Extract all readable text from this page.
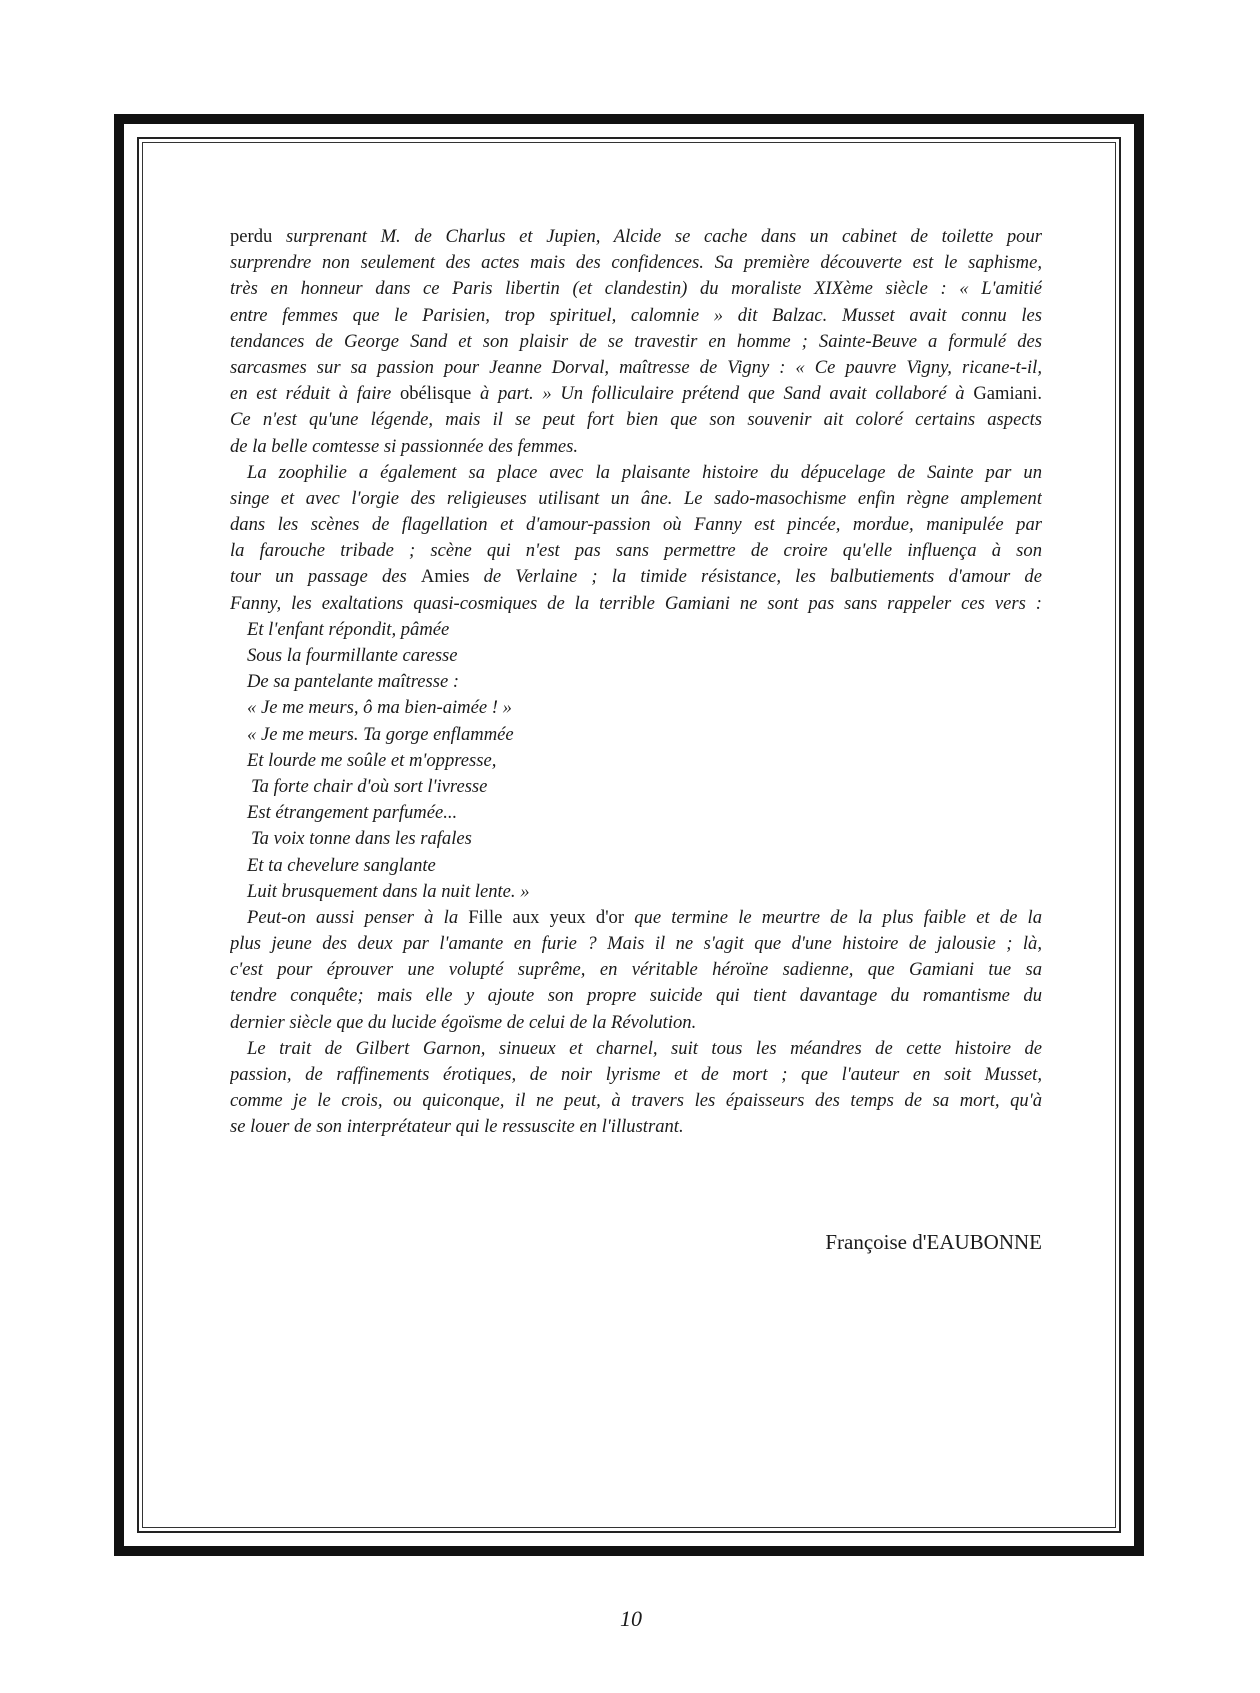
perdu surprenant M. de Charlus et Jupien, Alcide se cache dans un cabinet de toilette pour
surprendre non seulement des actes mais des confidences. Sa première découverte est le saphisme,
très en honneur dans ce Paris libertin (et clandestin) du moraliste XIXème siècle : « L'amitié
entre femmes que le Parisien, trop spirituel, calomnie » dit Balzac. Musset avait connu les
tendances de George Sand et son plaisir de se travestir en homme ; Sainte-Beuve a formulé des
sarcasmes sur sa passion pour Jeanne Dorval, maîtresse de Vigny : « Ce pauvre Vigny, ricane-t-il,
en est réduit à faire obélisque à part. » Un folliculaire prétend que Sand avait collaboré à Gamiani.
Ce n'est qu'une légende, mais il se peut fort bien que son souvenir ait coloré certains aspects
de la belle comtesse si passionnée des femmes.
La zoophilie a également sa place avec la plaisante histoire du dépucelage de Sainte par un
singe et avec l'orgie des religieuses utilisant un âne. Le sado-masochisme enfin règne amplement
dans les scènes de flagellation et d'amour-passion où Fanny est pincée, mordue, manipulée par
la farouche tribade ; scène qui n'est pas sans permettre de croire qu'elle influença à son
tour un passage des Amies de Verlaine ; la timide résistance, les balbutiements d'amour de
Fanny, les exaltations quasi-cosmiques de la terrible Gamiani ne sont pas sans rappeler ces vers :
Et l'enfant répondit, pâmée
Sous la fourmillante caresse
De sa pantelante maîtresse :
« Je me meurs, ô ma bien-aimée ! »
« Je me meurs. Ta gorge enflammée
Et lourde me soûle et m'oppresse,
Ta forte chair d'où sort l'ivresse
Est étrangement parfumée...
Ta voix tonne dans les rafales
Et ta chevelure sanglante
Luit brusquement dans la nuit lente. »
Peut-on aussi penser à la Fille aux yeux d'or que termine le meurtre de la plus faible et de la
plus jeune des deux par l'amante en furie ? Mais il ne s'agit que d'une histoire de jalousie ; là,
c'est pour éprouver une volupté suprême, en véritable héroïne sadienne, que Gamiani tue sa
tendre conquête; mais elle y ajoute son propre suicide qui tient davantage du romantisme du
dernier siècle que du lucide égoïsme de celui de la Révolution.
Le trait de Gilbert Garnon, sinueux et charnel, suit tous les méandres de cette histoire de
passion, de raffinements érotiques, de noir lyrisme et de mort ; que l'auteur en soit Musset,
comme je le crois, ou quiconque, il ne peut, à travers les épaisseurs des temps de sa mort, qu'à
se louer de son interprétateur qui le ressuscite en l'illustrant.
Françoise d'EAUBONNE
10
